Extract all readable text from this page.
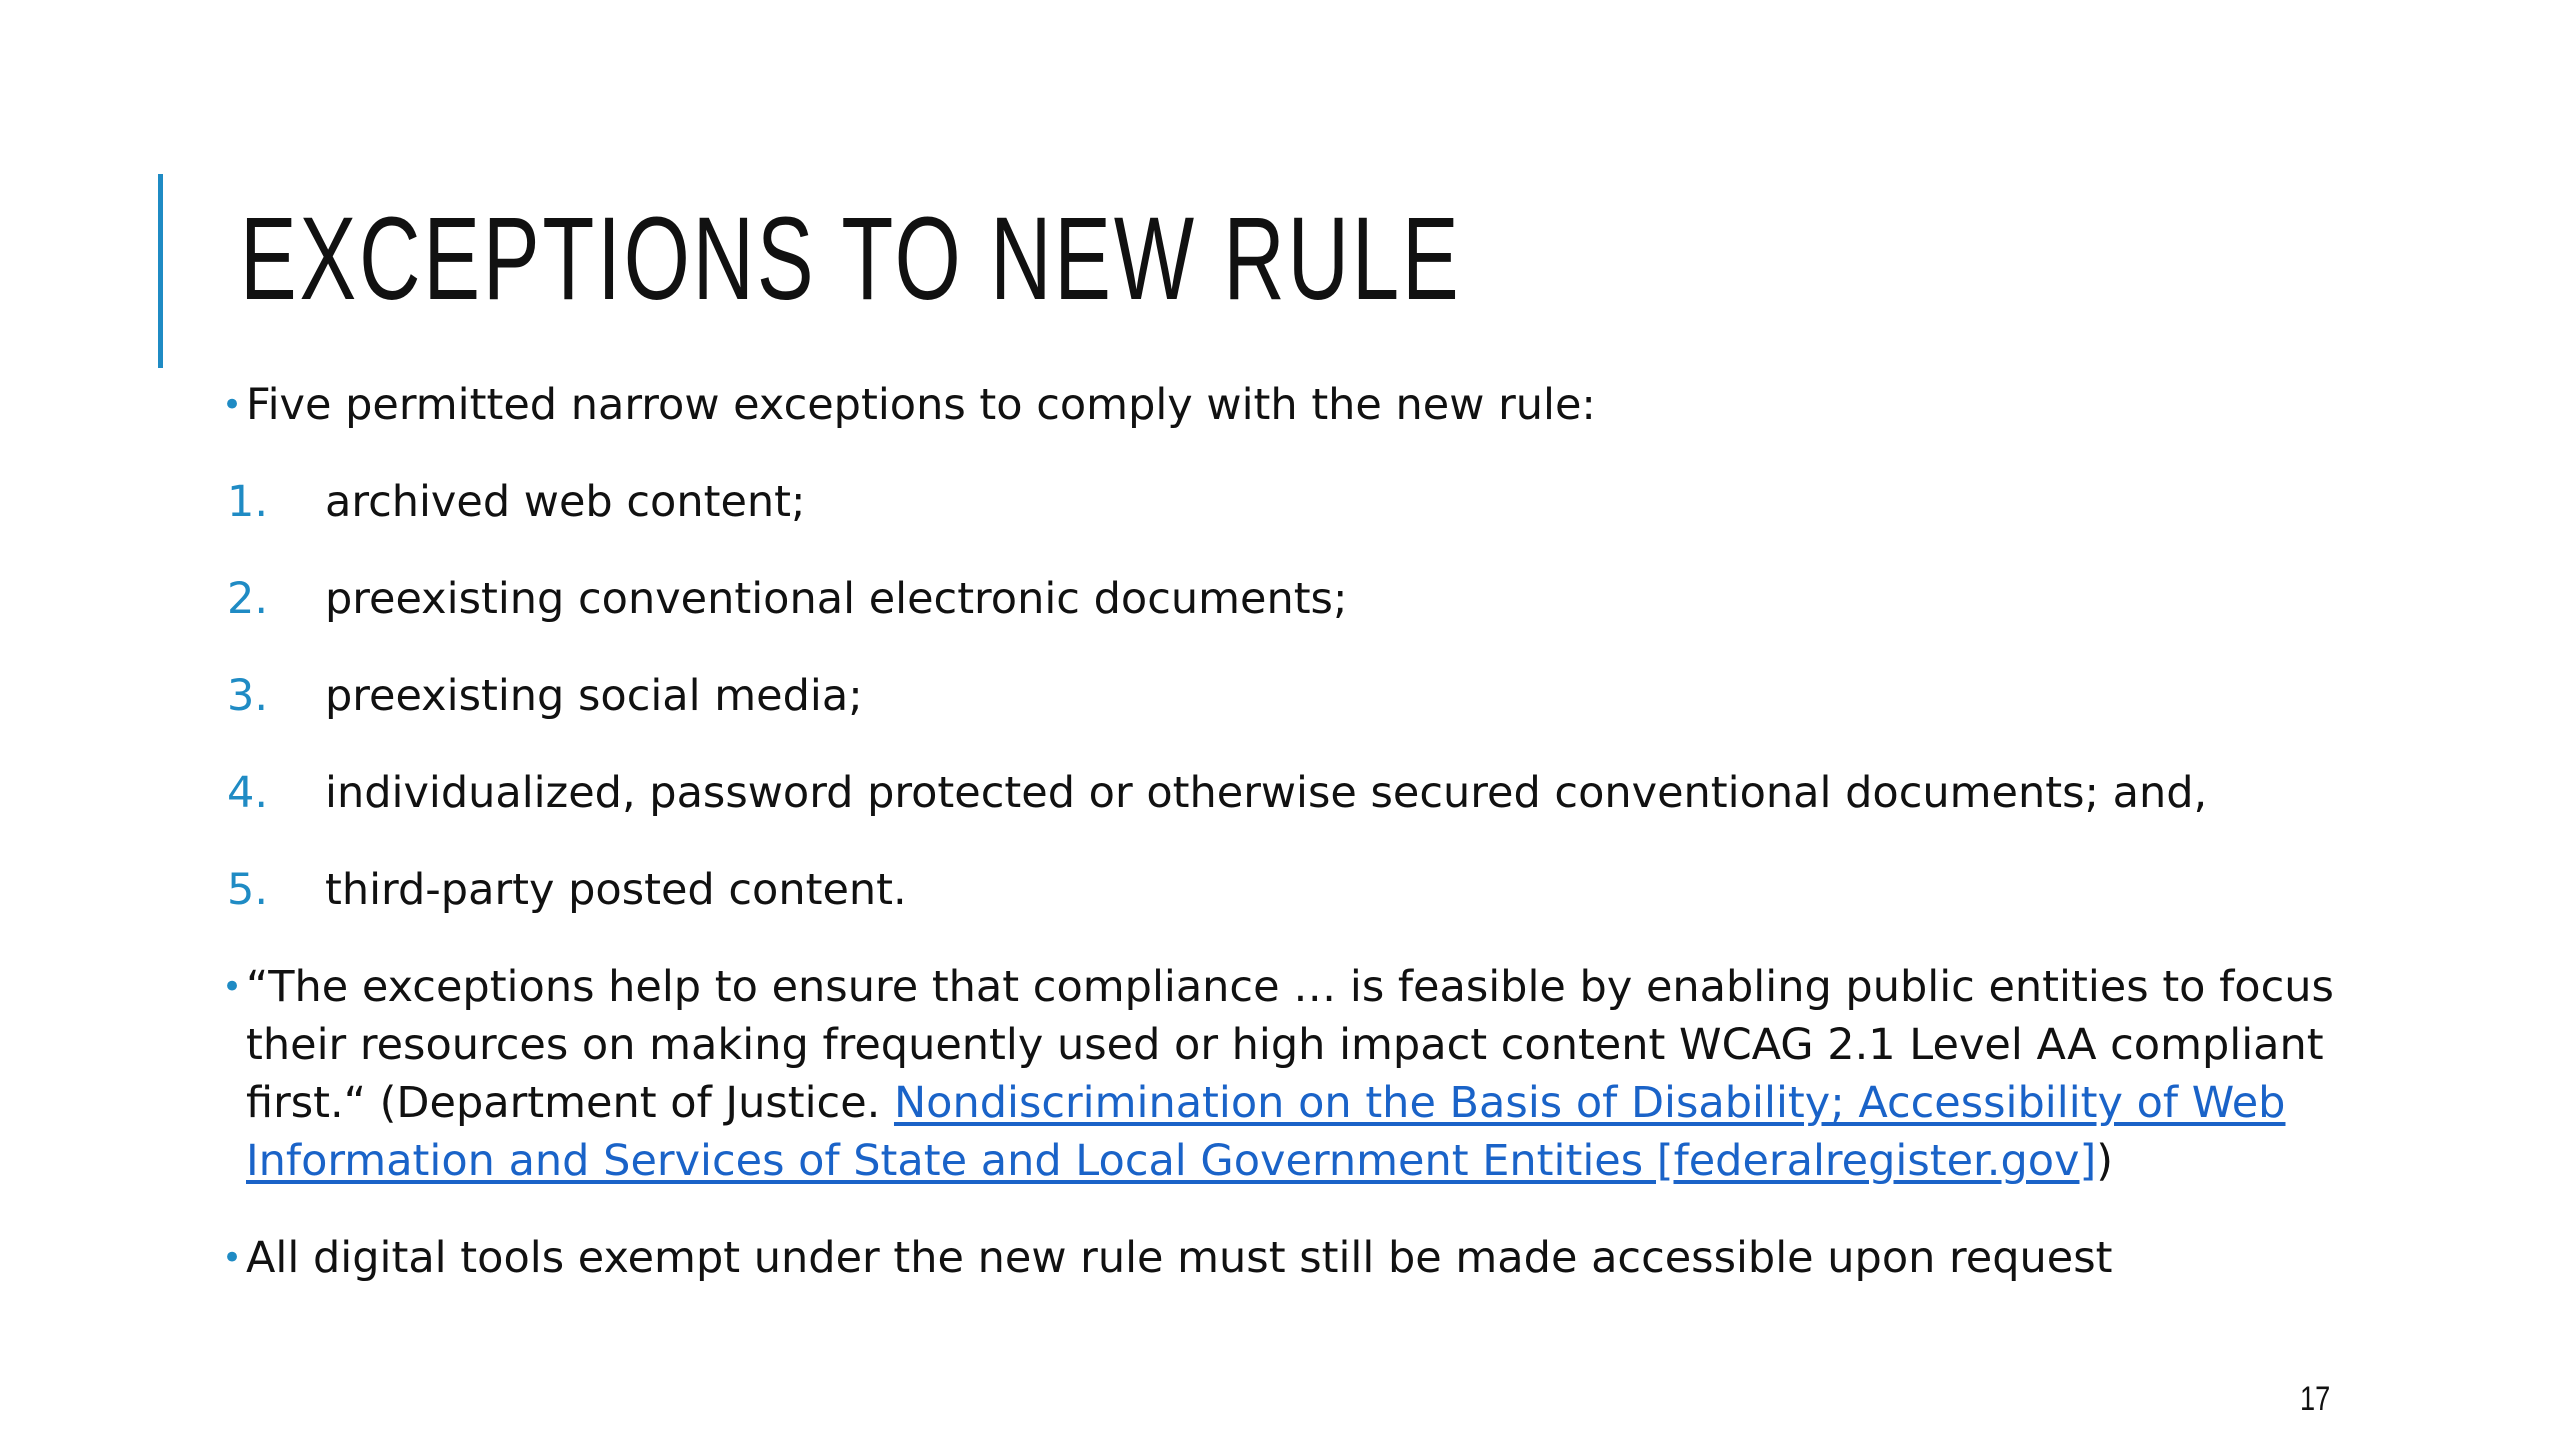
EXCEPTIONS TO NEW RULE

• Five permitted narrow exceptions to comply with the new rule:

1. archived web content;
2. preexisting conventional electronic documents;
3. preexisting social media;
4. individualized, password protected or otherwise secured conventional documents; and,
5. third-party posted content.

• “The exceptions help to ensure that compliance … is feasible by enabling public entities to focus their resources on making frequently used or high impact content WCAG 2.1 Level AA compliant first.“ (Department of Justice. Nondiscrimination on the Basis of Disability; Accessibility of Web Information and Services of State and Local Government Entities [federalregister.gov])

• All digital tools exempt under the new rule must still be made accessible upon request

17
